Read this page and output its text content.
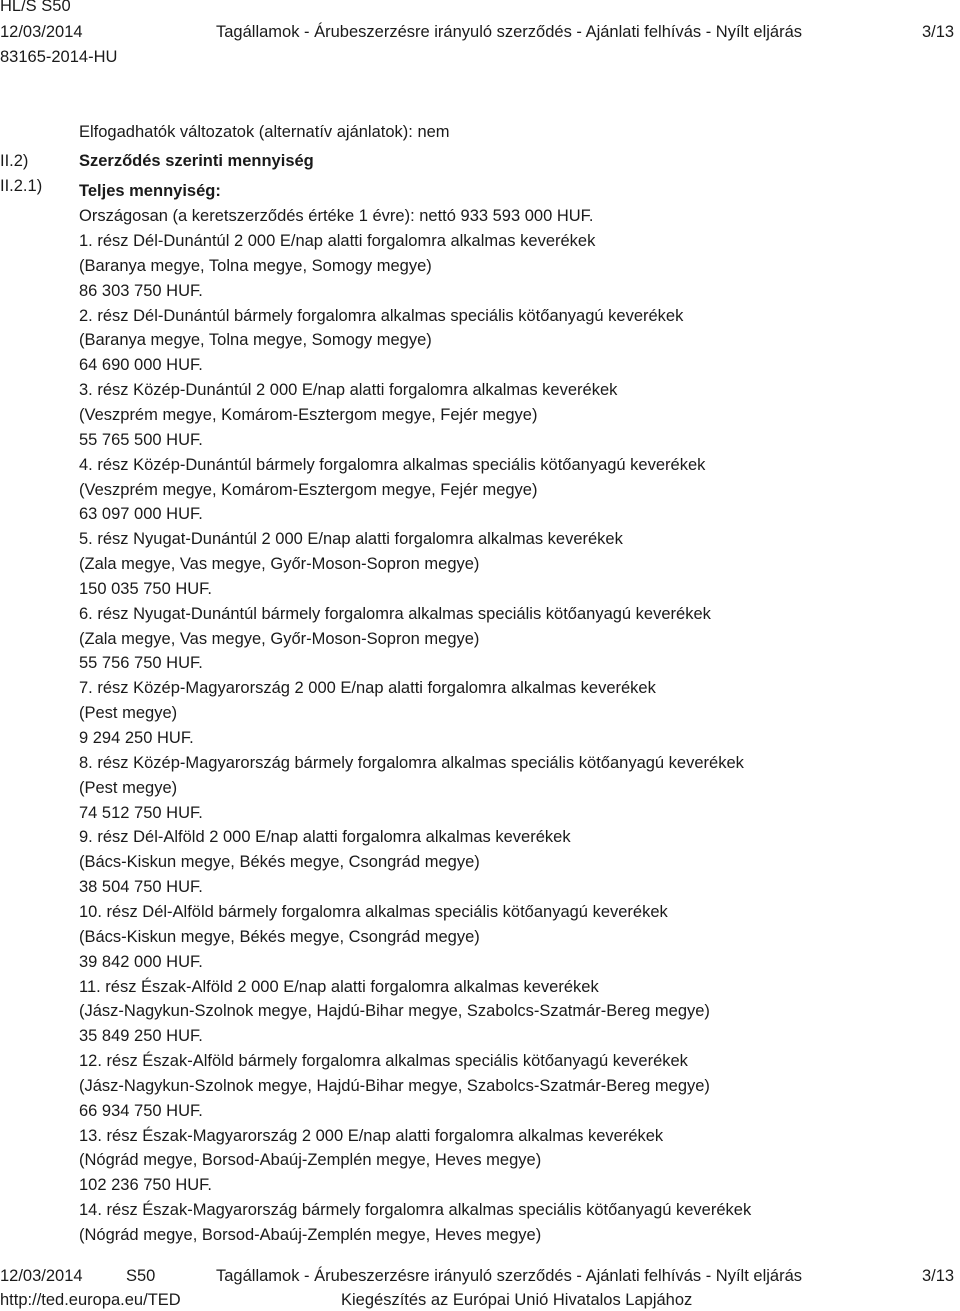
HL/S S50
12/03/2014	Tagállamok - Árubeszerzésre irányuló szerződés - Ajánlati felhívás - Nyílt eljárás	3/13
83165-2014-HU
II.2)
II.2.1)
Elfogadhatók változatok (alternatív ajánlatok): nem
Szerződés szerinti mennyiség
Teljes mennyiség:
Országosan (a keretszerződés értéke 1 évre): nettó 933 593 000 HUF.
1. rész Dél-Dunántúl 2 000 E/nap alatti forgalomra alkalmas keverékek
(Baranya megye, Tolna megye, Somogy megye)
86 303 750 HUF.
2. rész Dél-Dunántúl bármely forgalomra alkalmas speciális kötőanyagú keverékek
(Baranya megye, Tolna megye, Somogy megye)
64 690 000 HUF.
3. rész Közép-Dunántúl 2 000 E/nap alatti forgalomra alkalmas keverékek
(Veszprém megye, Komárom-Esztergom megye, Fejér megye)
55 765 500 HUF.
4. rész Közép-Dunántúl bármely forgalomra alkalmas speciális kötőanyagú keverékek
(Veszprém megye, Komárom-Esztergom megye, Fejér megye)
63 097 000 HUF.
5. rész Nyugat-Dunántúl 2 000 E/nap alatti forgalomra alkalmas keverékek
(Zala megye, Vas megye, Győr-Moson-Sopron megye)
150 035 750 HUF.
6. rész Nyugat-Dunántúl bármely forgalomra alkalmas speciális kötőanyagú keverékek
(Zala megye, Vas megye, Győr-Moson-Sopron megye)
55 756 750 HUF.
7. rész Közép-Magyarország 2 000 E/nap alatti forgalomra alkalmas keverékek
(Pest megye)
9 294 250 HUF.
8. rész Közép-Magyarország bármely forgalomra alkalmas speciális kötőanyagú keverékek
(Pest megye)
74 512 750 HUF.
9. rész Dél-Alföld 2 000 E/nap alatti forgalomra alkalmas keverékek
(Bács-Kiskun megye, Békés megye, Csongrád megye)
38 504 750 HUF.
10. rész Dél-Alföld bármely forgalomra alkalmas speciális kötőanyagú keverékek
(Bács-Kiskun megye, Békés megye, Csongrád megye)
39 842 000 HUF.
11. rész Észak-Alföld 2 000 E/nap alatti forgalomra alkalmas keverékek
(Jász-Nagykun-Szolnok megye, Hajdú-Bihar megye, Szabolcs-Szatmár-Bereg megye)
35 849 250 HUF.
12. rész Észak-Alföld bármely forgalomra alkalmas speciális kötőanyagú keverékek
(Jász-Nagykun-Szolnok megye, Hajdú-Bihar megye, Szabolcs-Szatmár-Bereg megye)
66 934 750 HUF.
13. rész Észak-Magyarország 2 000 E/nap alatti forgalomra alkalmas keverékek
(Nógrád megye, Borsod-Abaúj-Zemplén megye, Heves megye)
102 236 750 HUF.
14. rész Észak-Magyarország bármely forgalomra alkalmas speciális kötőanyagú keverékek
(Nógrád megye, Borsod-Abaúj-Zemplén megye, Heves megye)
12/03/2014	S50	Tagállamok - Árubeszerzésre irányuló szerződés - Ajánlati felhívás - Nyílt eljárás	3/13
http://ted.europa.eu/TED	Kiegészítés az Európai Unió Hivatalos Lapjához
